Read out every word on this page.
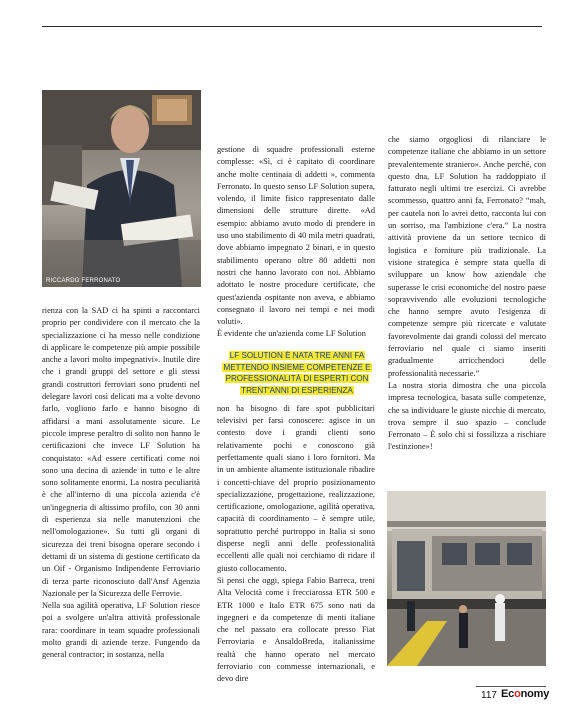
RICCARDO FERRONATO

rienza con la SAD ci ha spinti a raccontarci proprio per condividere con il mercato che la specializzazione ci ha messo nelle condizione di applicare le competenze più ampie possibile anche a lavori molto impegnativi». Inutile dire che i grandi gruppi del settore e gli stessi grandi costruttori ferroviari sono prudenti nel delegare lavori così delicati ma a volte devono farlo, vogliono farlo e hanno bisogno di affidarsi a mani assolutamente sicure. Le piccole imprese peraltro di solito non hanno le certificazioni che invece LF Solution ha conquistato: «Ad essere certificati come noi sono una decina di aziende in tutto e le altre sono solitamente enormi. La nostra peculiarità è che all'interno di una piccola azienda c'è un'ingegneria di altissimo profilo, con 30 anni di esperienza sia nelle manutenzioni che nell'omologazione». Su tutti gli organi di sicurezza dei treni bisogna operare secondo i dettami di un sistema di gestione certificato da un Oif - Organismo Indipendente Ferroviario di terza parte riconosciuto dall'Ansf Agenzia Nazionale per la Sicurezza delle Ferrovie.

Nella sua agilità operativa, LF Solution riesce poi a svolgere un'altra attività professionale rara: coordinare in team squadre professionali molto grandi di aziende terze. Fungendo da general contractor; in sostanza, nella

gestione di squadre professionali esterne complesse: «Sì, ci è capitato di coordinare anche molte centinaia di addetti », commenta Ferronato. In questo senso LF Solution supera, volendo, il limite fisico rappresentato dalle dimensioni delle strutture dirette. «Ad esempio: abbiamo avuto modo di prendere in uso uno stabilimento di 40 mila metri quadrati, dove abbiamo impegnato 2 binari, e in questo stabilimento operano oltre 80 addetti non nostri che hanno lavorato con noi. Abbiamo adottato le nostre procedure certificate, che quest'azienda ospitante non aveva, e abbiamo consegnato il lavoro nei tempi e nei modi voluti».

È evidente che un'azienda come LF Solution

non ha bisogno di fare spot pubblicitari televisivi per farsi conoscere: agisce in un contesto dove i grandi clienti sono relativamente pochi e conoscono già perfettamente quali siano i loro fornitori. Ma in un ambiente altamente istituzionale ribadire i concetti-chiave del proprio posizionamento specializzazione, progettazione, realizzazione, certificazione, omologazione, agilità operativa, capacità di coordinamento – è sempre utile, soprattutto perché purtroppo in Italia si sono disperse negli anni delle professionalità eccellenti alle quali noi cerchiamo di ridare il giusto collocamento.

Si pensi che oggi, spiega Fabio Barreca, treni Alta Velocità come i frecciarossa ETR 500 e ETR 1000 e Italo ETR 675 sono nati da ingegneri e da competenze di menti italiane che nel passato era collocate presso Fiat Ferroviaria e AnsaldoBreda, italianissime realtà che hanno operato nel mercato ferroviario con commesse internazionali, e devo dire

LF SOLUTION È NATA TRE ANNI FA METTENDO INSIEME COMPETENZE E PROFESSIONALITÀ DI ESPERTI CON TRENT'ANNI DI ESPERIENZA

che siamo orgogliosi di rilanciare le competenze italiane che abbiamo in un settore prevalentemente straniero». Anche perché, con questo dna, LF Solution ha raddoppiato il fatturato negli ultimi tre esercizi. Ci avrebbe scommesso, quattro anni fa, Ferronato? “mah, per cautela non lo avrei detto, racconta lui con un sorriso, ma l'ambizione c'era.” La nostra attività proviene da un settore tecnico di logistica e forniture più tradizionale. La visione strategica è sempre stata quella di sviluppare un know how aziendale che superasse le crisi economiche del nostro paese sopravvivendo alle evoluzioni tecnologiche che hanno sempre avuto l'esigenza di competenze sempre più ricercate e valutate favorevolmente dai grandi colossi del mercato ferroviario nel quale ci siamo inseriti gradualmente arricchendoci delle professionalità necessarie.”

La nostra storia dimostra che una piccola impresa tecnologica, basata sulle competenze, che sa individuare le giuste nicchie di mercato, trova sempre il suo spazio – conclude Ferronato – È solo chi si fossilizza a rischiare l'estinzione»!

117 Economy
